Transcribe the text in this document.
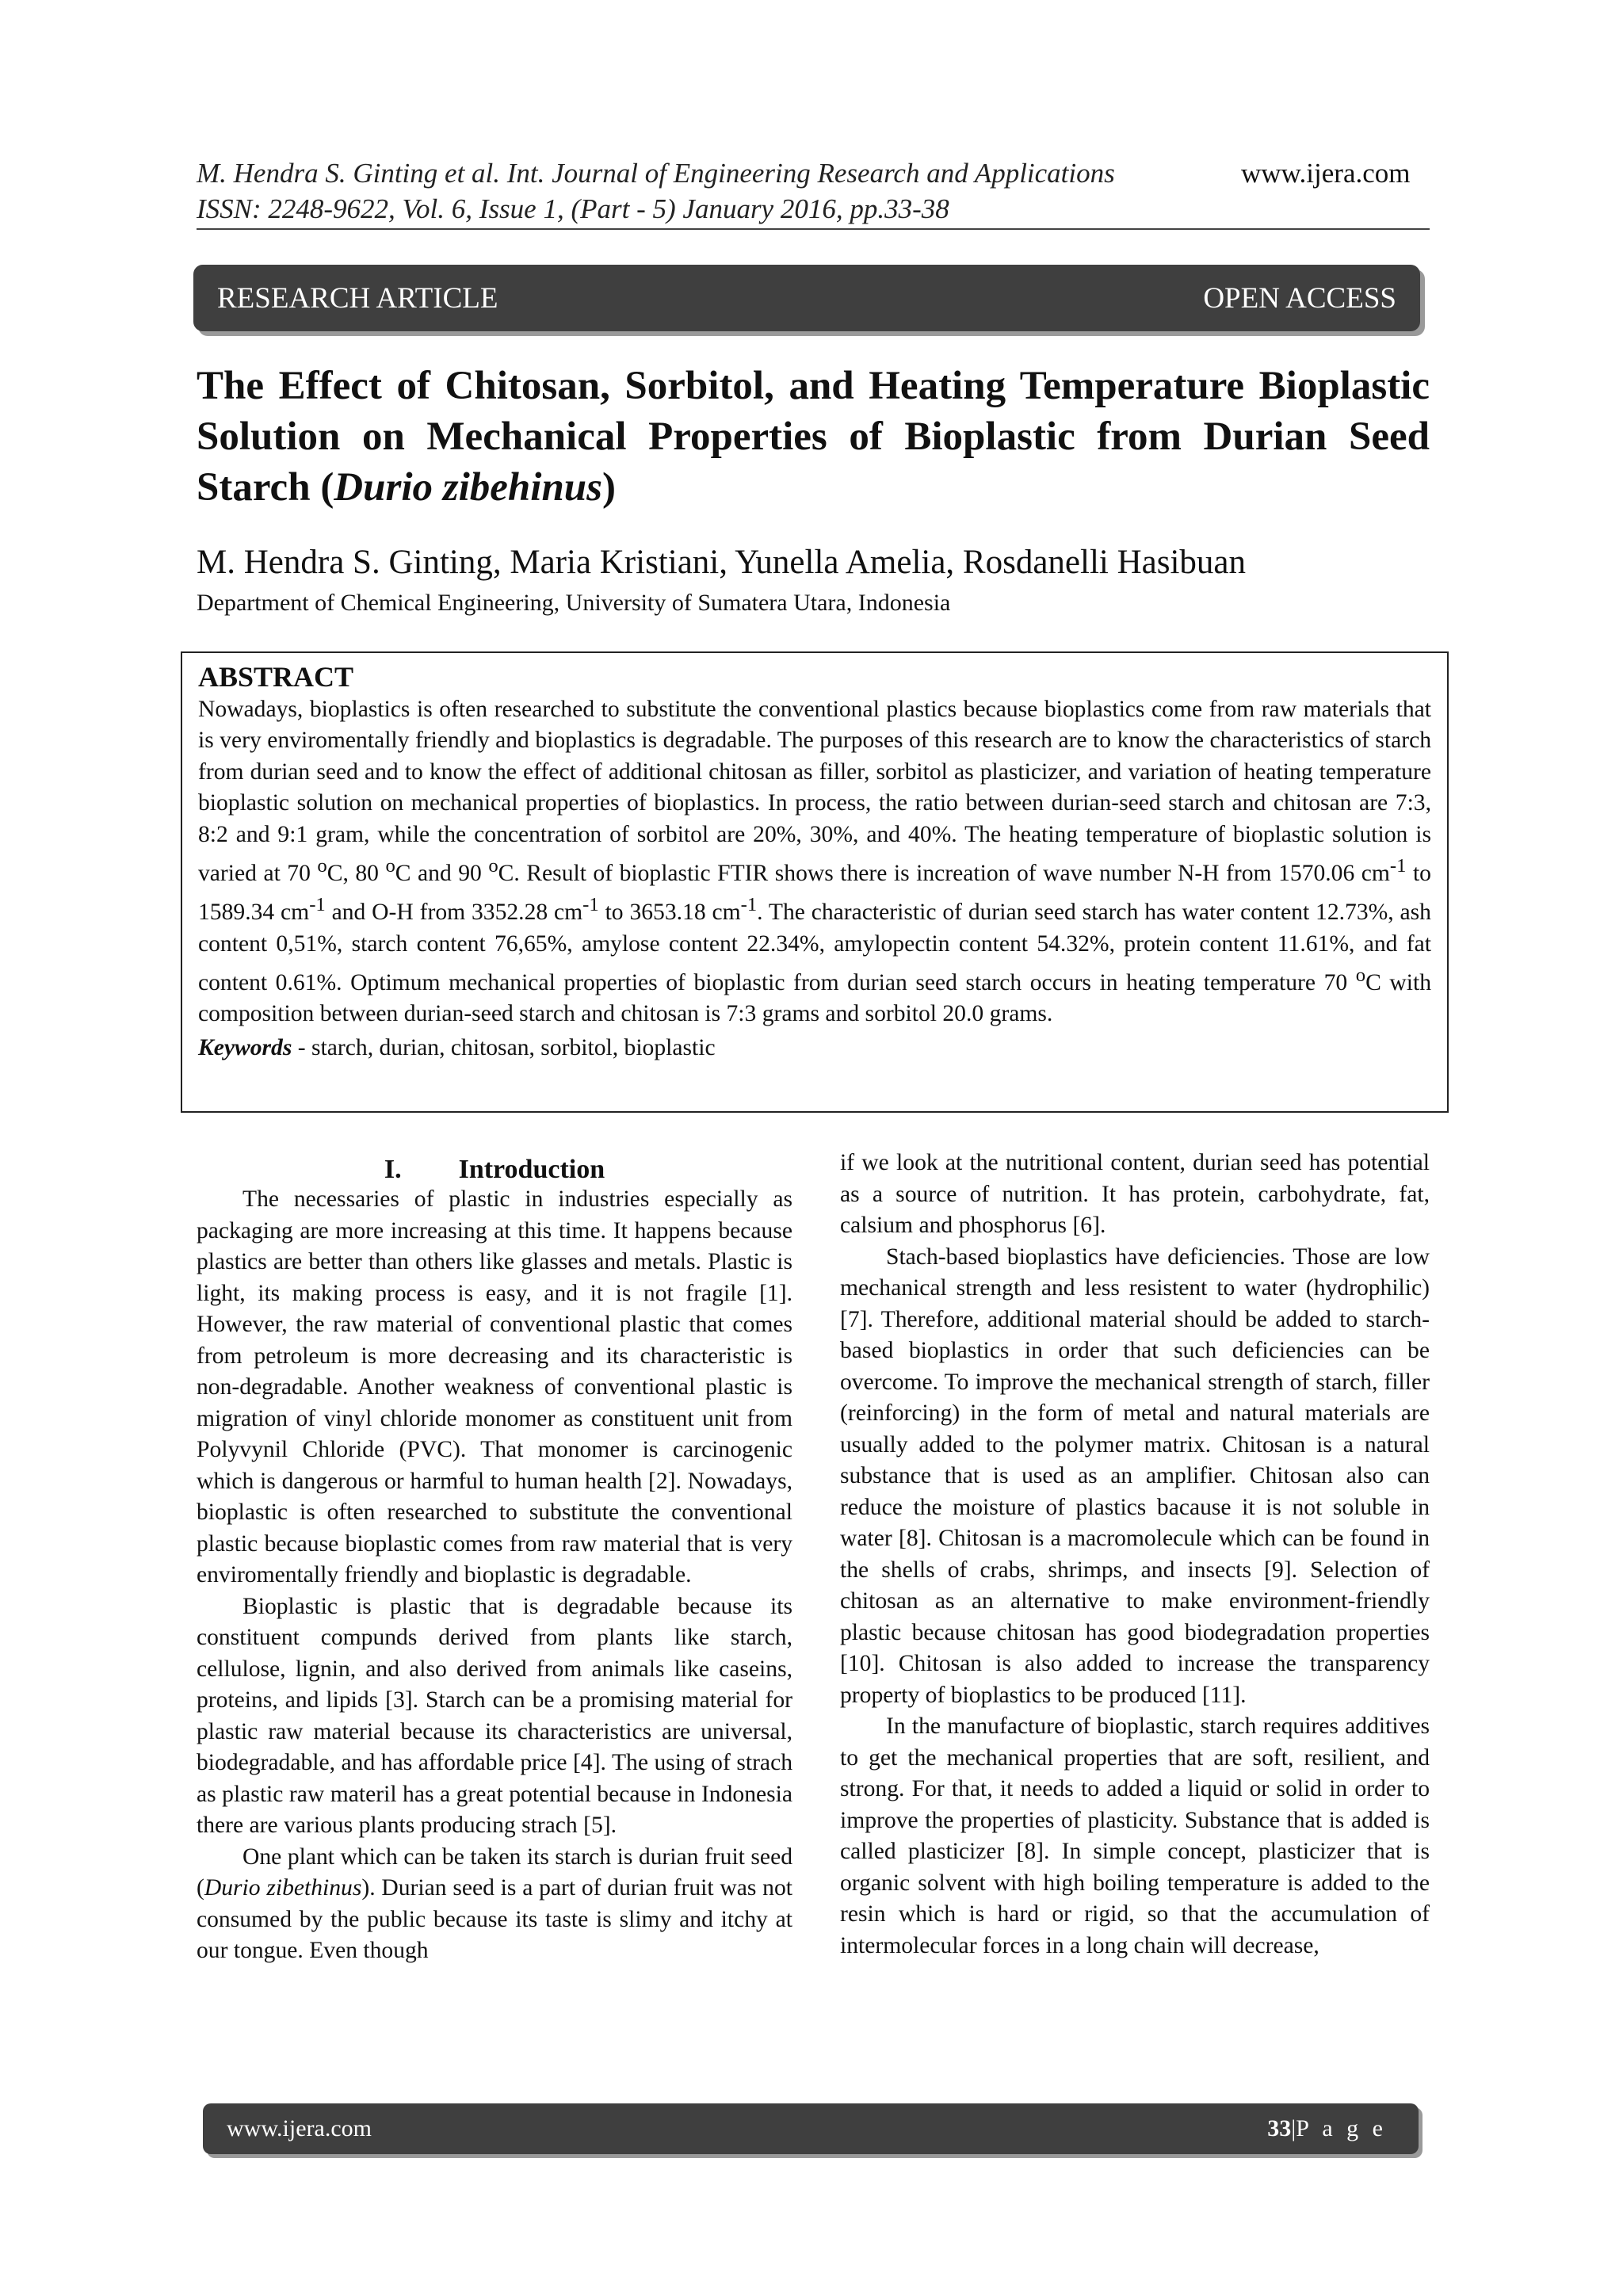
M. Hendra S. Ginting et al. Int. Journal of Engineering Research and Applications
ISSN: 2248-9622, Vol. 6, Issue 1, (Part - 5) January 2016, pp.33-38
www.ijera.com
RESEARCH ARTICLE	OPEN ACCESS
The Effect of Chitosan, Sorbitol, and Heating Temperature Bioplastic Solution on Mechanical Properties of Bioplastic from Durian Seed Starch (Durio zibehinus)
M. Hendra S. Ginting, Maria Kristiani, Yunella Amelia, Rosdanelli Hasibuan
Department of Chemical Engineering, University of Sumatera Utara, Indonesia
ABSTRACT
Nowadays, bioplastics is often researched to substitute the conventional plastics because bioplastics come from raw materials that is very enviromentally friendly and bioplastics is degradable. The purposes of this research are to know the characteristics of starch from durian seed and to know the effect of additional chitosan as filler, sorbitol as plasticizer, and variation of heating temperature bioplastic solution on mechanical properties of bioplastics. In process, the ratio between durian-seed starch and chitosan are 7:3, 8:2 and 9:1 gram, while the concentration of sorbitol are 20%, 30%, and 40%. The heating temperature of bioplastic solution is varied at 70 $^o$C, 80 $^o$C and 90 $^o$C. Result of bioplastic FTIR shows there is increation of wave number N-H from 1570.06 $cm^{-1}$ to 1589.34 $cm^{-1}$ and O-H from 3352.28 $cm^{-1}$ to 3653.18 $cm^{-1}$. The characteristic of durian seed starch has water content 12.73%, ash content 0,51%, starch content 76,65%, amylose content 22.34%, amylopectin content 54.32%, protein content 11.61%, and fat content 0.61%. Optimum mechanical properties of bioplastic from durian seed starch occurs in heating temperature 70 $^o$C with composition between durian-seed starch and chitosan is 7:3 grams and sorbitol 20.0 grams.
Keywords - starch, durian, chitosan, sorbitol, bioplastic
I. Introduction

The necessaries of plastic in industries especially as packaging are more increasing at this time. It happens because plastics are better than others like glasses and metals. Plastic is light, its making process is easy, and it is not fragile [1]. However, the raw material of conventional plastic that comes from petroleum is more decreasing and its characteristic is non-degradable. Another weakness of conventional plastic is migration of vinyl chloride monomer as constituent unit from Polyvynil Chloride (PVC). That monomer is carcinogenic which is dangerous or harmful to human health [2]. Nowadays, bioplastic is often researched to substitute the conventional plastic because bioplastic comes from raw material that is very enviromentally friendly and bioplastic is degradable.

Bioplastic is plastic that is degradable because its constituent compunds derived from plants like starch, cellulose, lignin, and also derived from animals like caseins, proteins, and lipids [3]. Starch can be a promising material for plastic raw material because its characteristics are universal, biodegradable, and has affordable price [4]. The using of strach as plastic raw materil has a great potential because in Indonesia there are various plants producing strach [5].

One plant which can be taken its starch is durian fruit seed (Durio zibethinus). Durian seed is a part of durian fruit was not consumed by the public because its taste is slimy and itchy at our tongue. Even though

if we look at the nutritional content, durian seed has potential as a source of nutrition. It has protein, carbohydrate, fat, calsium and phosphorus [6].

Stach-based bioplastics have deficiencies. Those are low mechanical strength and less resistent to water (hydrophilic) [7]. Therefore, additional material should be added to starch-based bioplastics in order that such deficiencies can be overcome. To improve the mechanical strength of starch, filler (reinforcing) in the form of metal and natural materials are usually added to the polymer matrix. Chitosan is a natural substance that is used as an amplifier. Chitosan also can reduce the moisture of plastics bacause it is not soluble in water [8]. Chitosan is a macromolecule which can be found in the shells of crabs, shrimps, and insects [9]. Selection of chitosan as an alternative to make environment-friendly plastic because chitosan has good biodegradation properties [10]. Chitosan is also added to increase the transparency property of bioplastics to be produced [11].

In the manufacture of bioplastic, starch requires additives to get the mechanical properties that are soft, resilient, and strong. For that, it needs to added a liquid or solid in order to improve the properties of plasticity. Substance that is added is called plasticizer [8]. In simple concept, plasticizer that is organic solvent with high boiling temperature is added to the resin which is hard or rigid, so that the accumulation of intermolecular forces in a long chain will decrease,

www.ijera.com	33|P a g e
